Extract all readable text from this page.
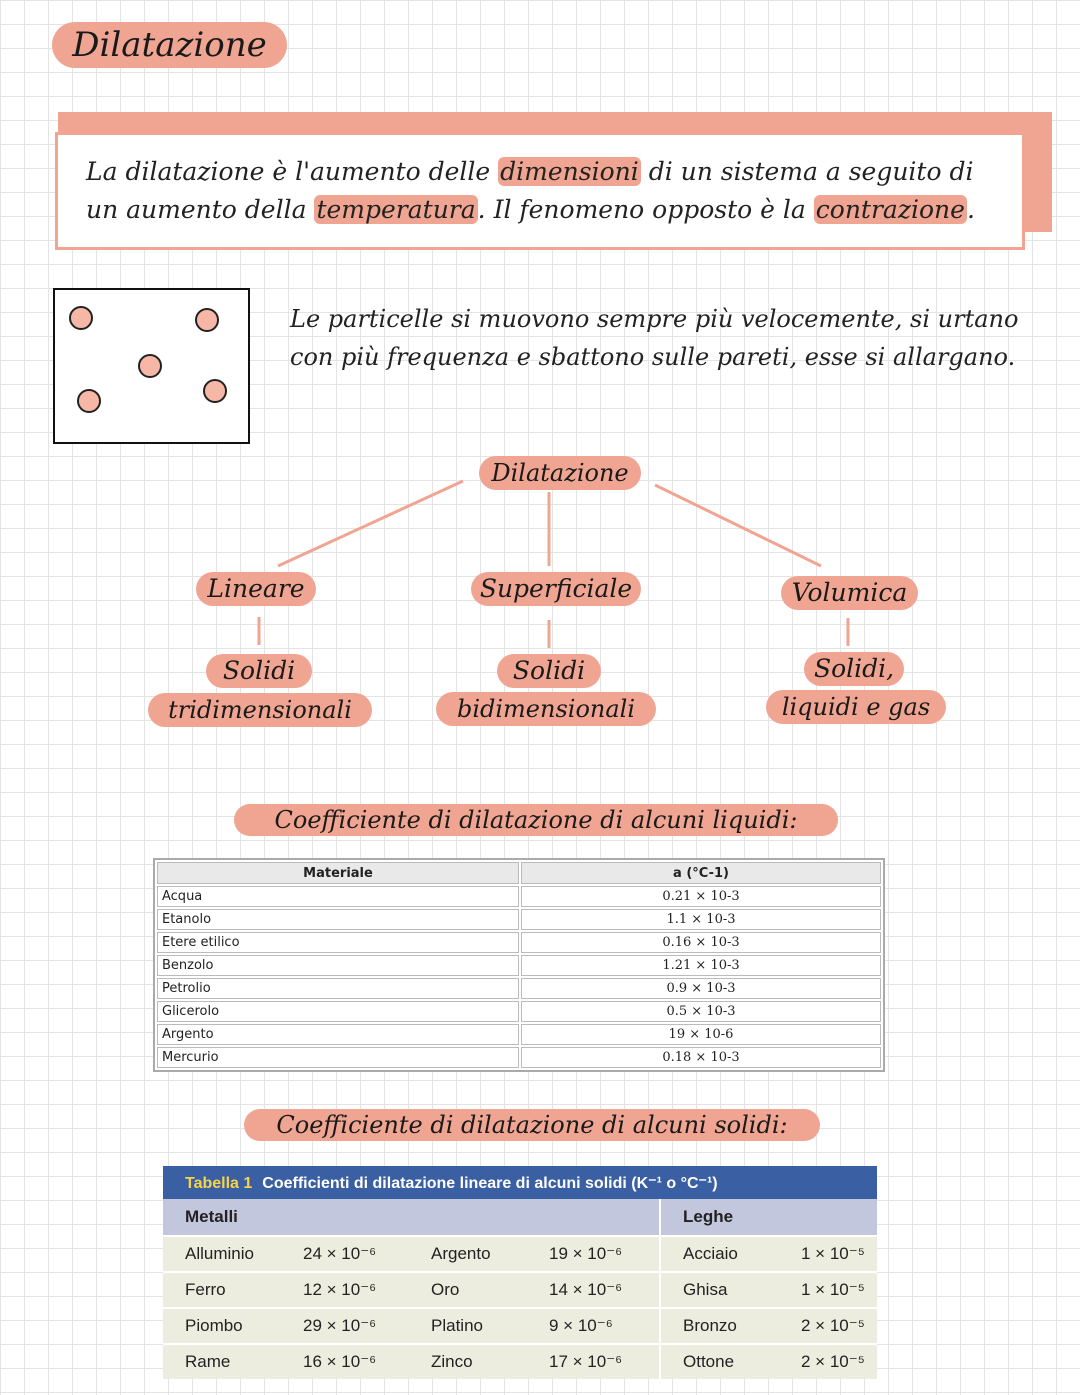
Dilatazione
La dilatazione è l'aumento delle dimensioni di un sistema a seguito di
un aumento della temperatura. Il fenomeno opposto è la contrazione.
Le particelle si muovono sempre più velocemente, si urtano
con più frequenza e sbattono sulle pareti, esse si allargano.
Dilatazione
Lineare
Solidi
tridimensionali
Superficiale
Solidi
bidimensionali
Volumica
Solidi,
liquidi e gas
Coefficiente di dilatazione di alcuni liquidi:
Materiale	a (°C-1)
Acqua	0.21 × 10-3
Etanolo	1.1 × 10-3
Etere etilico	0.16 × 10-3
Benzolo	1.21 × 10-3
Petrolio	0.9 × 10-3
Glicerolo	0.5 × 10-3
Argento	19 × 10-6
Mercurio	0.18 × 10-3
Coefficiente di dilatazione di alcuni solidi:
Tabella 1 Coefficienti di dilatazione lineare di alcuni solidi (K⁻¹ o °C⁻¹)					
Metalli				Leghe	

Alluminio	24 × 10⁻⁶	Argento	19 × 10⁻⁶	Acciaio	1 × 10⁻⁵

Ferro	12 × 10⁻⁶	Oro	14 × 10⁻⁶	Ghisa	1 × 10⁻⁵

Piombo	29 × 10⁻⁶	Platino	9 × 10⁻⁶	Bronzo	2 × 10⁻⁵

Rame	16 × 10⁻⁶	Zinco	17 × 10⁻⁶	Ottone	2 × 10⁻⁵
